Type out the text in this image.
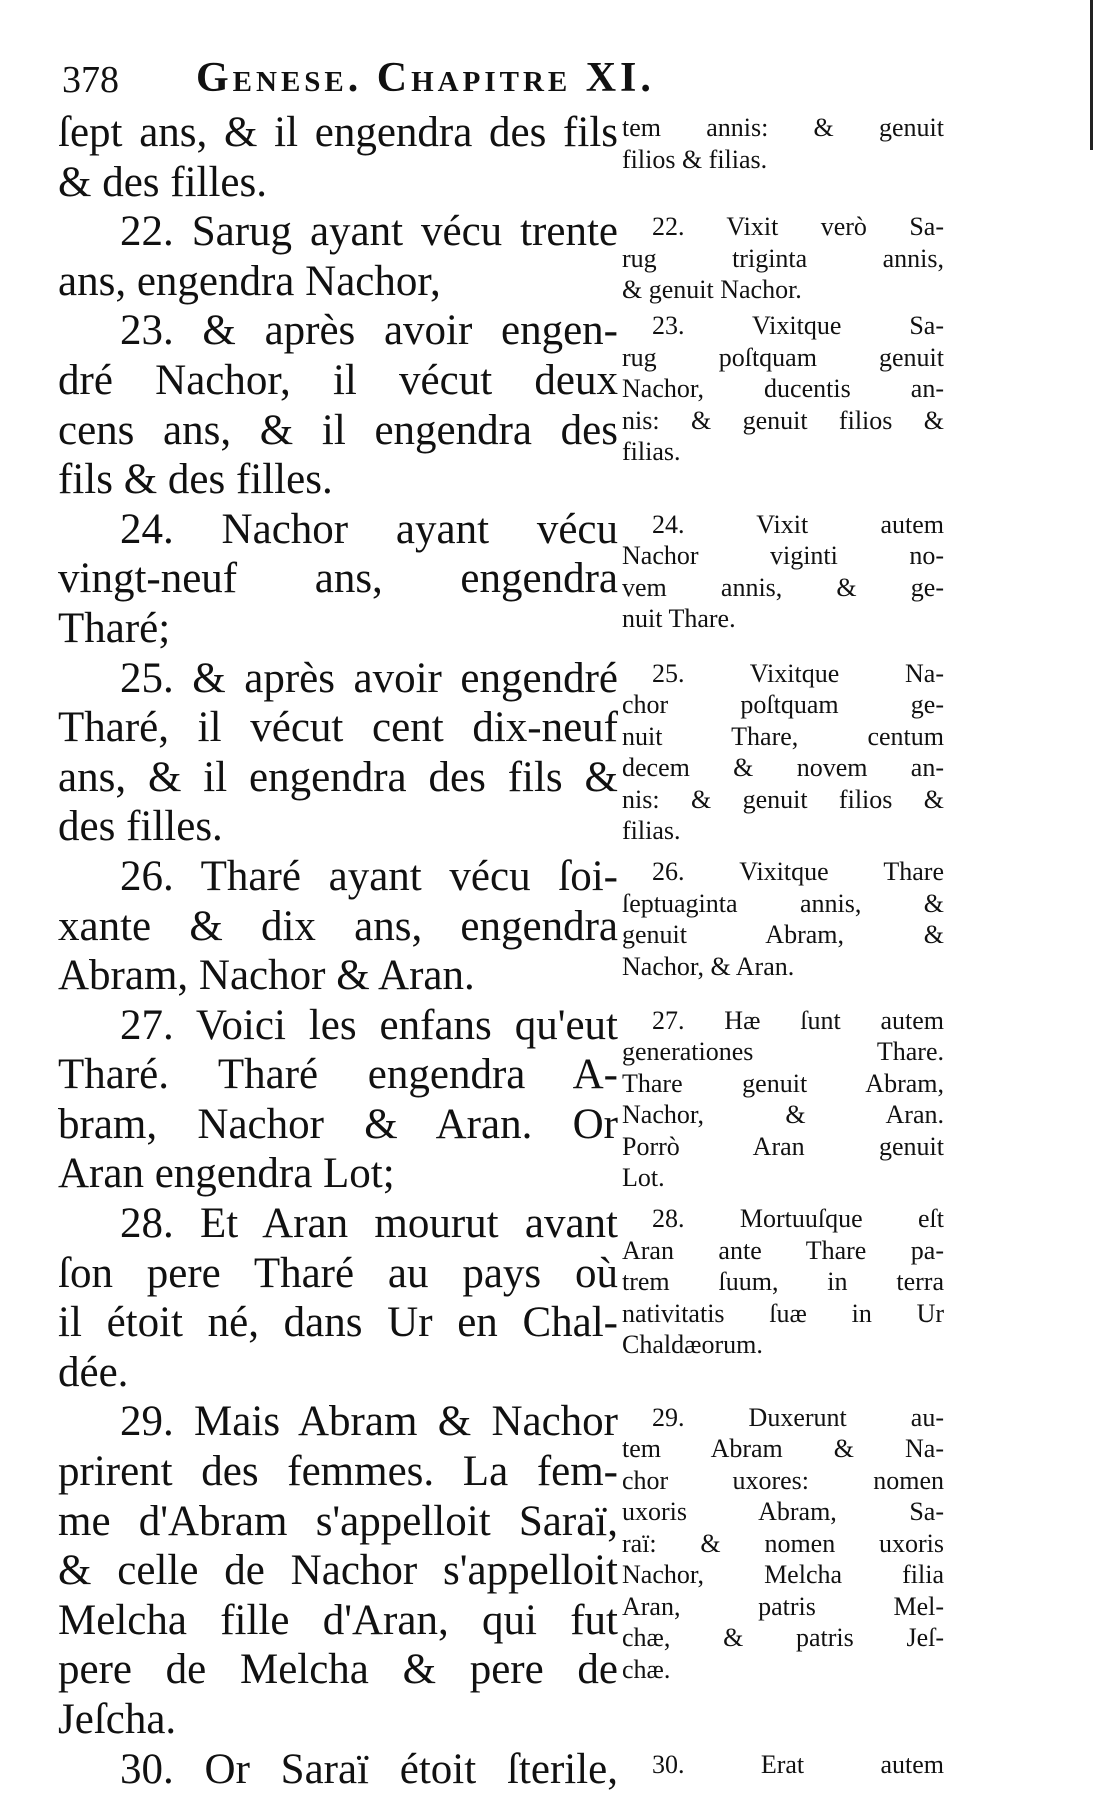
378 Genese. Chapitre XI.
ſept ans, & il engendra des fils
& des filles.
22. Sarug ayant vécu trente
ans, engendra Nachor,
23. & après avoir engen-
dré Nachor, il vécut deux
cens ans, & il engendra des
fils & des filles.
24. Nachor ayant vécu
vingt-neuf ans, engendra
Tharé;
25. & après avoir engendré
Tharé, il vécut cent dix-neuf
ans, & il engendra des fils &
des filles.
26. Tharé ayant vécu ſoi-
xante & dix ans, engendra
Abram, Nachor & Aran.
27. Voici les enfans qu'eut
Tharé. Tharé engendra A-
bram, Nachor & Aran. Or
Aran engendra Lot;
28. Et Aran mourut avant
ſon pere Tharé au pays où
il étoit né, dans Ur en Chal-
dée.
29. Mais Abram & Nachor
prirent des femmes. La fem-
me d'Abram s'appelloit Saraï,
& celle de Nachor s'appelloit
Melcha fille d'Aran, qui fut
pere de Melcha & pere de
Jeſcha.
30. Or Saraï étoit ſterile,
tem annis: & genuit
filios & filias.
22. Vixit verò Sa-
rug triginta annis,
& genuit Nachor.
23. Vixitque Sa-
rug poſtquam genuit
Nachor, ducentis an-
nis: & genuit filios &
filias.
24. Vixit autem
Nachor viginti no-
vem annis, & ge-
nuit Thare.
25. Vixitque Na-
chor poſtquam ge-
nuit Thare, centum
decem & novem an-
nis: & genuit filios &
filias.
26. Vixitque Thare
ſeptuaginta annis, &
genuit Abram, &
Nachor, & Aran.
27. Hæ ſunt autem
generationes Thare.
Thare genuit Abram,
Nachor, & Aran.
Porrò Aran genuit
Lot.
28. Mortuuſque eſt
Aran ante Thare pa-
trem ſuum, in terra
nativitatis ſuæ in Ur
Chaldæorum.
29. Duxerunt au-
tem Abram & Na-
chor uxores: nomen
uxoris Abram, Sa-
raï: & nomen uxoris
Nachor, Melcha filia
Aran, patris Mel-
chæ, & patris Jeſ-
chæ.
30. Erat autem
